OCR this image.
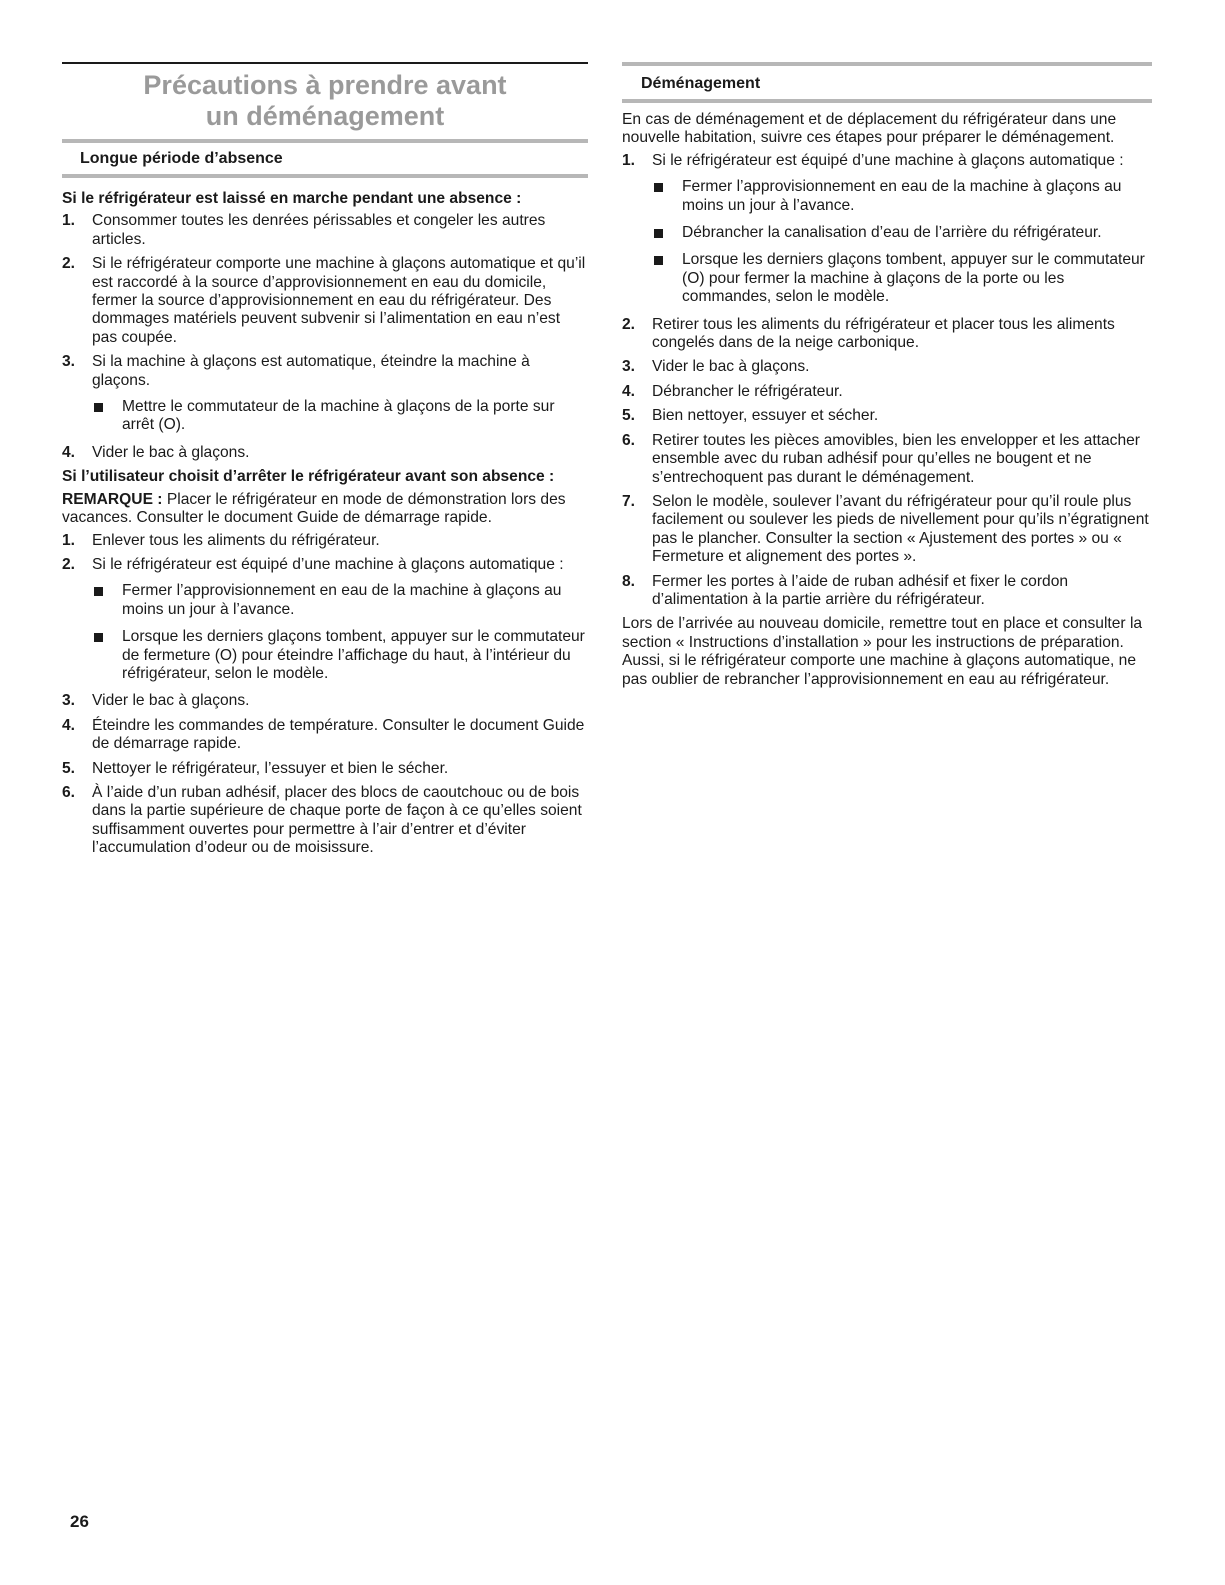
Précautions à prendre avant
un déménagement
Longue période d’absence

Si le réfrigérateur est laissé en marche pendant une absence :

1. Consommer toutes les denrées périssables et congeler les autres articles.
2. Si le réfrigérateur comporte une machine à glaçons automatique et qu’il est raccordé à la source d’approvisionnement en eau du domicile, fermer la source d’approvisionnement en eau du réfrigérateur. Des dommages matériels peuvent subvenir si l’alimentation en eau n’est pas coupée.
3. Si la machine à glaçons est automatique, éteindre la machine à glaçons.
Mettre le commutateur de la machine à glaçons de la porte sur arrêt (O).
4. Vider le bac à glaçons.

Si l’utilisateur choisit d’arrêter le réfrigérateur avant son absence :

REMARQUE : Placer le réfrigérateur en mode de démonstration lors des vacances. Consulter le document Guide de démarrage rapide.

1. Enlever tous les aliments du réfrigérateur.
2. Si le réfrigérateur est équipé d’une machine à glaçons automatique :
Fermer l’approvisionnement en eau de la machine à glaçons au moins un jour à l’avance.
Lorsque les derniers glaçons tombent, appuyer sur le commutateur de fermeture (O) pour éteindre l’affichage du haut, à l’intérieur du réfrigérateur, selon le modèle.
3. Vider le bac à glaçons.
4. Éteindre les commandes de température. Consulter le document Guide de démarrage rapide.
5. Nettoyer le réfrigérateur, l’essuyer et bien le sécher.
6. À l’aide d’un ruban adhésif, placer des blocs de caoutchouc ou de bois dans la partie supérieure de chaque porte de façon à ce qu’elles soient suffisamment ouvertes pour permettre à l’air d’entrer et d’éviter l’accumulation d’odeur ou de moisissure.
Déménagement

En cas de déménagement et de déplacement du réfrigérateur dans une nouvelle habitation, suivre ces étapes pour préparer le déménagement.

1. Si le réfrigérateur est équipé d’une machine à glaçons automatique :
Fermer l’approvisionnement en eau de la machine à glaçons au moins un jour à l’avance.
Débrancher la canalisation d’eau de l’arrière du réfrigérateur.
Lorsque les derniers glaçons tombent, appuyer sur le commutateur (O) pour fermer la machine à glaçons de la porte ou les commandes, selon le modèle.
2. Retirer tous les aliments du réfrigérateur et placer tous les aliments congelés dans de la neige carbonique.
3. Vider le bac à glaçons.
4. Débrancher le réfrigérateur.
5. Bien nettoyer, essuyer et sécher.
6. Retirer toutes les pièces amovibles, bien les envelopper et les attacher ensemble avec du ruban adhésif pour qu’elles ne bougent et ne s’entrechoquent pas durant le déménagement.
7. Selon le modèle, soulever l’avant du réfrigérateur pour qu’il roule plus facilement ou soulever les pieds de nivellement pour qu’ils n’égratignent pas le plancher. Consulter la section « Ajustement des portes » ou « Fermeture et alignement des portes ».
8. Fermer les portes à l’aide de ruban adhésif et fixer le cordon d’alimentation à la partie arrière du réfrigérateur.

Lors de l’arrivée au nouveau domicile, remettre tout en place et consulter la section « Instructions d’installation » pour les instructions de préparation. Aussi, si le réfrigérateur comporte une machine à glaçons automatique, ne pas oublier de rebrancher l’approvisionnement en eau au réfrigérateur.

26
